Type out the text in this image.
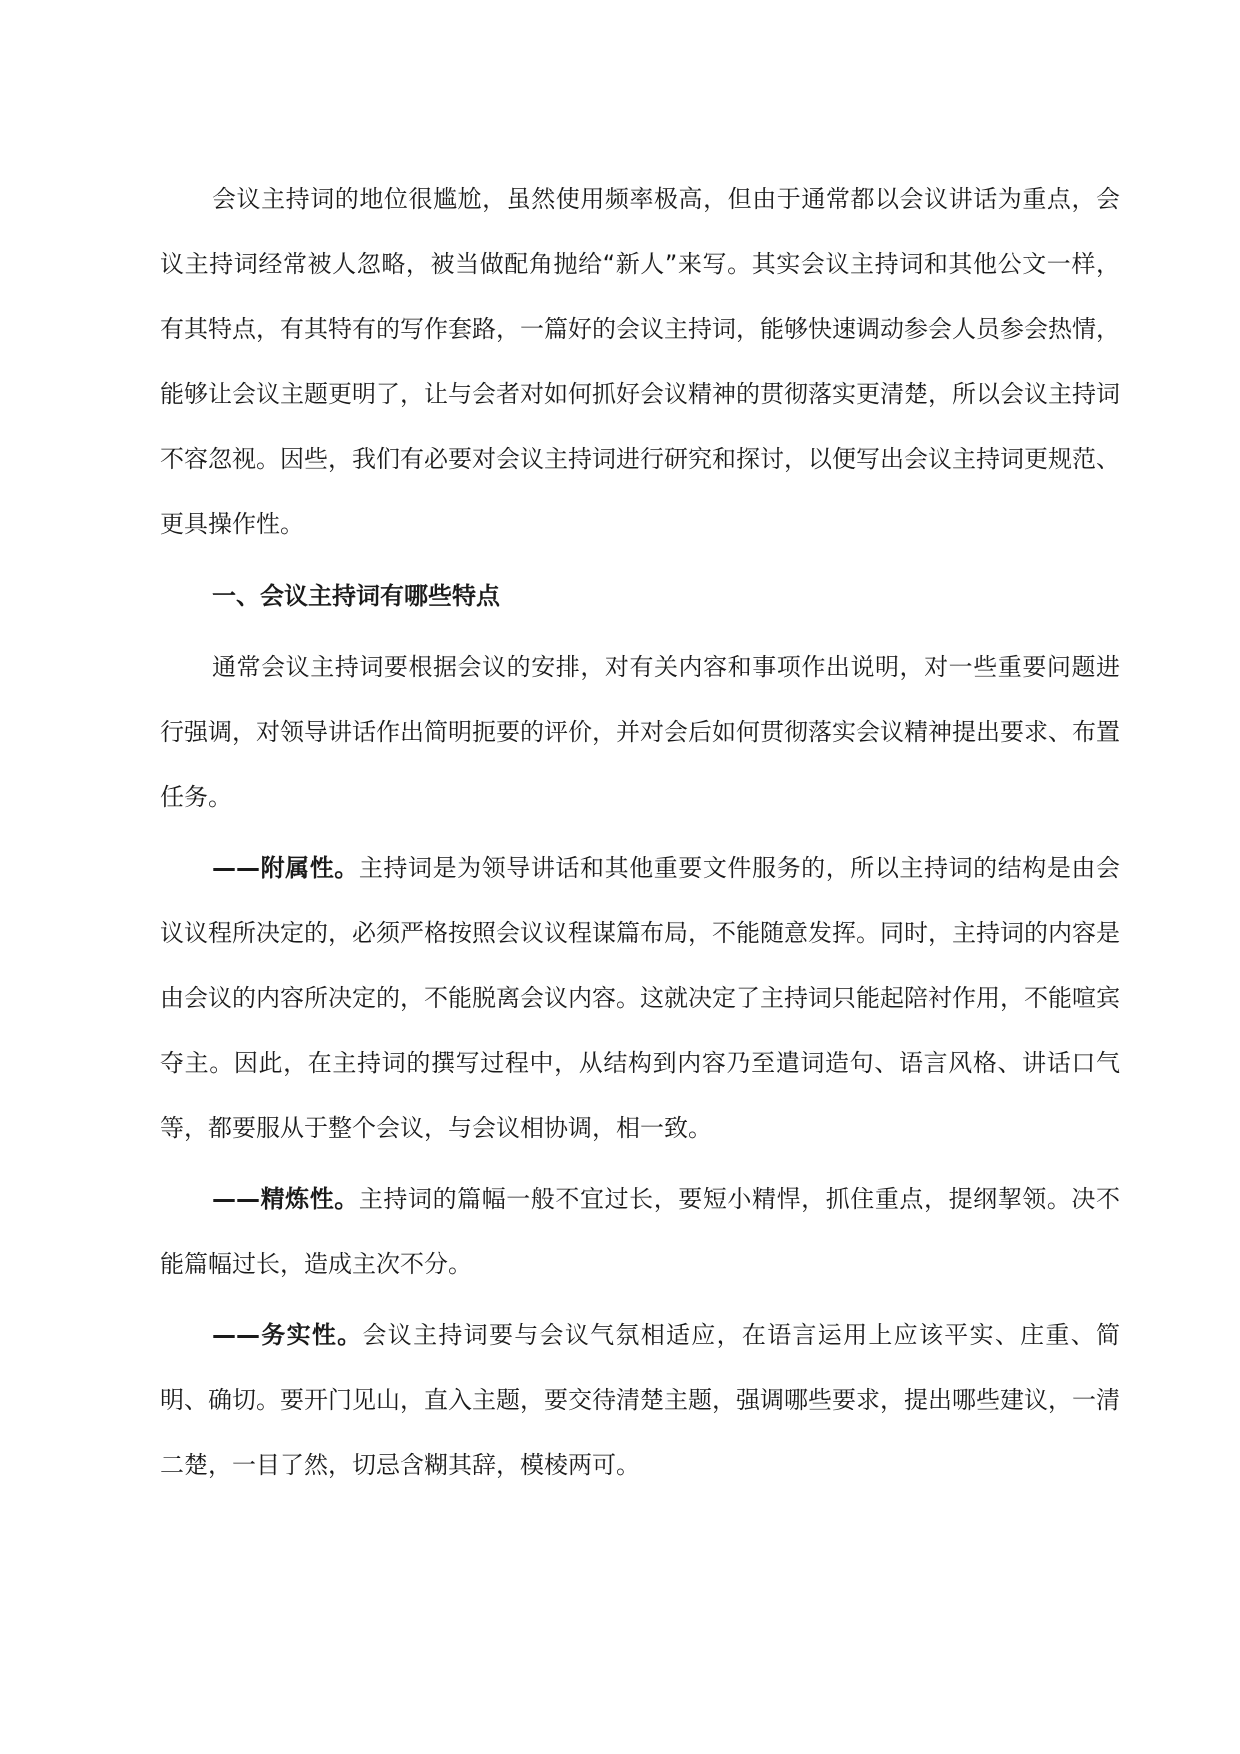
会议主持词的地位很尴尬，虽然使用频率极高，但由于通常都以会议讲话为重点，会议主持词经常被人忽略，被当做配角抛给“新人”来写。其实会议主持词和其他公文一样，有其特点，有其特有的写作套路，一篇好的会议主持词，能够快速调动参会人员参会热情，能够让会议主题更明了，让与会者对如何抓好会议精神的贯彻落实更清楚，所以会议主持词不容忽视。因些，我们有必要对会议主持词进行研究和探讨，以便写出会议主持词更规范、更具操作性。

一、会议主持词有哪些特点

通常会议主持词要根据会议的安排，对有关内容和事项作出说明，对一些重要问题进行强调，对领导讲话作出简明扼要的评价，并对会后如何贯彻落实会议精神提出要求、布置任务。

——附属性。主持词是为领导讲话和其他重要文件服务的，所以主持词的结构是由会议议程所决定的，必须严格按照会议议程谋篇布局，不能随意发挥。同时，主持词的内容是由会议的内容所决定的，不能脱离会议内容。这就决定了主持词只能起陪衬作用，不能喧宾夺主。因此，在主持词的撰写过程中，从结构到内容乃至遣词造句、语言风格、讲话口气等，都要服从于整个会议，与会议相协调，相一致。

——精炼性。主持词的篇幅一般不宜过长，要短小精悍，抓住重点，提纲挈领。决不能篇幅过长，造成主次不分。

——务实性。会议主持词要与会议气氛相适应，在语言运用上应该平实、庄重、简明、确切。要开门见山，直入主题，要交待清楚主题，强调哪些要求，提出哪些建议，一清二楚，一目了然，切忌含糊其辞，模棱两可。
